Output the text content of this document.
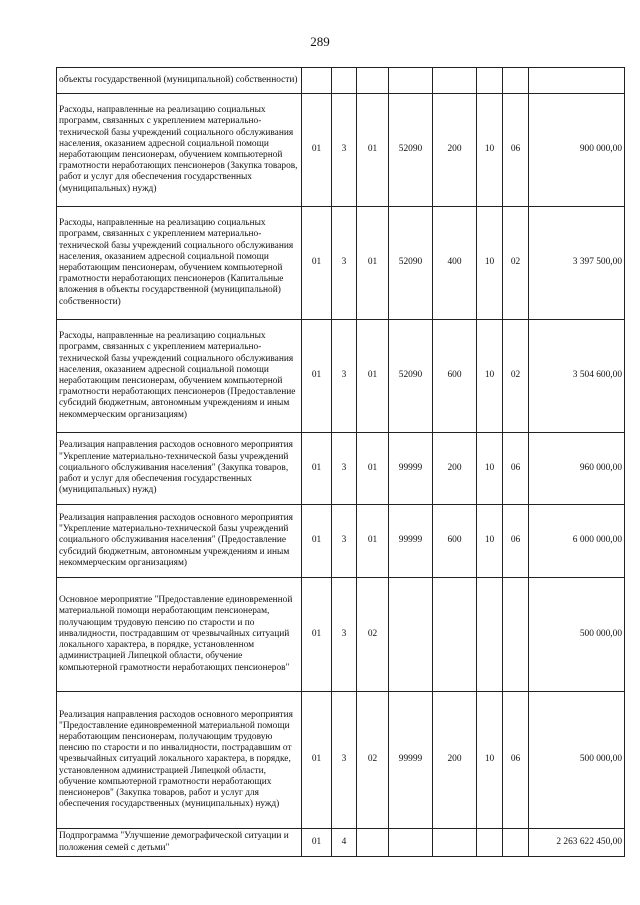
289
объекты государственной (муниципальной) собственности)								
Расходы, направленные на реализацию социальных программ, связанных с укреплением материально-технической базы учреждений социального обслуживания населения, оказанием адресной социальной помощи неработающим пенсионерам, обучением компьютерной грамотности неработающих пенсионеров (Закупка товаров, работ и услуг для обеспечения государственных (муниципальных) нужд)	01	3	01	52090	200	10	06	900 000,00
Расходы, направленные на реализацию социальных программ, связанных с укреплением материально-технической базы учреждений социального обслуживания населения, оказанием адресной социальной помощи неработающим пенсионерам, обучением компьютерной грамотности неработающих пенсионеров (Капитальные вложения в объекты государственной (муниципальной) собственности)	01	3	01	52090	400	10	02	3 397 500,00
Расходы, направленные на реализацию социальных программ, связанных с укреплением материально-технической базы учреждений социального обслуживания населения, оказанием адресной социальной помощи неработающим пенсионерам, обучением компьютерной грамотности неработающих пенсионеров (Предоставление субсидий бюджетным, автономным учреждениям и иным некоммерческим организациям)	01	3	01	52090	600	10	02	3 504 600,00
Реализация направления расходов основного мероприятия "Укрепление материально-технической базы учреждений социального обслуживания населения" (Закупка товаров, работ и услуг для обеспечения государственных (муниципальных) нужд)	01	3	01	99999	200	10	06	960 000,00
Реализация направления расходов основного мероприятия "Укрепление материально-технической базы учреждений социального обслуживания населения" (Предоставление субсидий бюджетным, автономным учреждениям и иным некоммерческим организациям)	01	3	01	99999	600	10	06	6 000 000,00
Основное мероприятие "Предоставление единовременной материальной помощи неработающим пенсионерам, получающим трудовую пенсию по старости и по инвалидности, пострадавшим от чрезвычайных ситуаций локального характера, в порядке, установленном администрацией Липецкой области, обучение компьютерной грамотности неработающих пенсионеров"	01	3	02					500 000,00
Реализация направления расходов основного мероприятия "Предоставление единовременной материальной помощи неработающим пенсионерам, получающим трудовую пенсию по старости и по инвалидности, пострадавшим от чрезвычайных ситуаций локального характера, в порядке, установленном администрацией Липецкой области, обучение компьютерной грамотности неработающих пенсионеров" (Закупка товаров, работ и услуг для обеспечения государственных (муниципальных) нужд)	01	3	02	99999	200	10	06	500 000,00
Подпрограмма "Улучшение демографической ситуации и положения семей с детьми"	01	4						2 263 622 450,00
